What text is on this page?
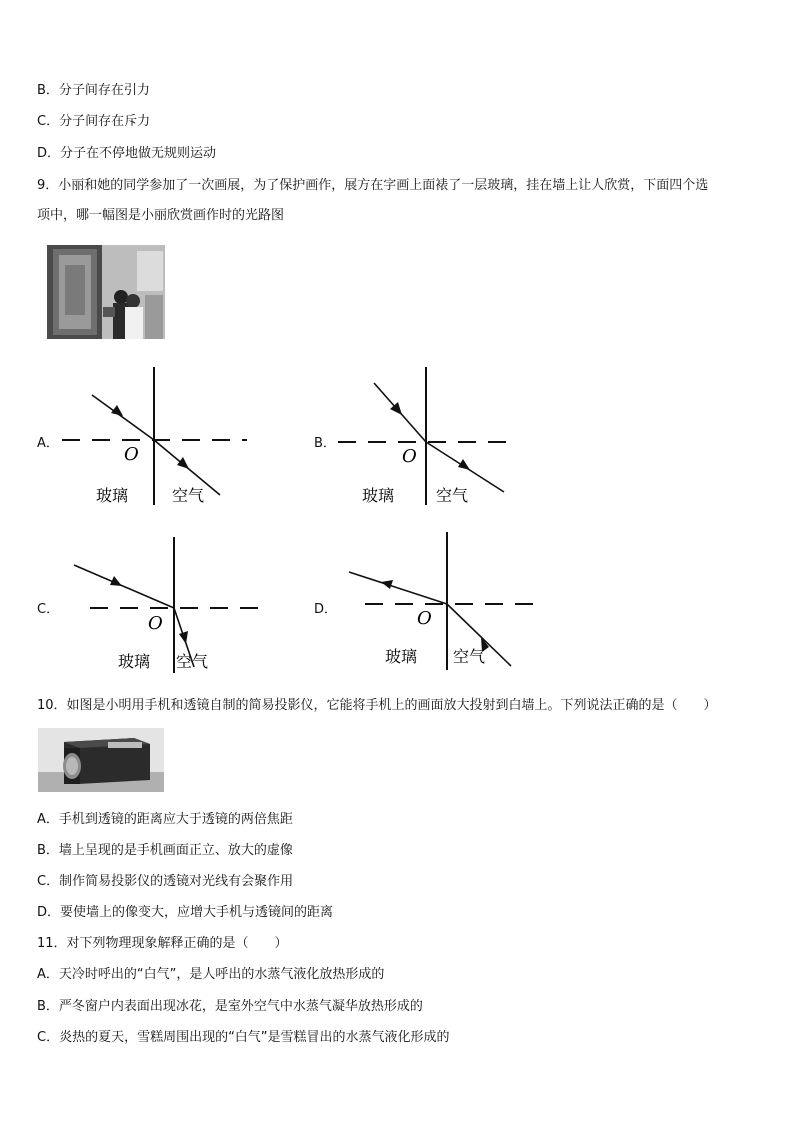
B．分子间存在引力
C．分子间存在斥力
D．分子在不停地做无规则运动
9．小丽和她的同学参加了一次画展，为了保护画作，展方在字画上面裱了一层玻璃，挂在墙上让人欣赏，下面四个选
项中，哪一幅图是小丽欣赏画作时的光路图
A．
O
玻璃	空气
B．
O
玻璃	空气
C．
O
玻璃 空气
D．	O
玻璃 空气
10．如图是小明用手机和透镜自制的简易投影仪，它能将手机上的画面放大投射到白墙上。下列说法正确的是（　　）
A．手机到透镜的距离应大于透镜的两倍焦距
B．墙上呈现的是手机画面正立、放大的虚像
C．制作简易投影仪的透镜对光线有会聚作用
D．要使墙上的像变大，应增大手机与透镜间的距离
11．对下列物理现象解释正确的是（　　）
A．天冷时呼出的“白气”，是人呼出的水蒸气液化放热形成的
B．严冬窗户内表面出现冰花，是室外空气中水蒸气凝华放热形成的
C．炎热的夏天，雪糕周围出现的“白气”是雪糕冒出的水蒸气液化形成的
